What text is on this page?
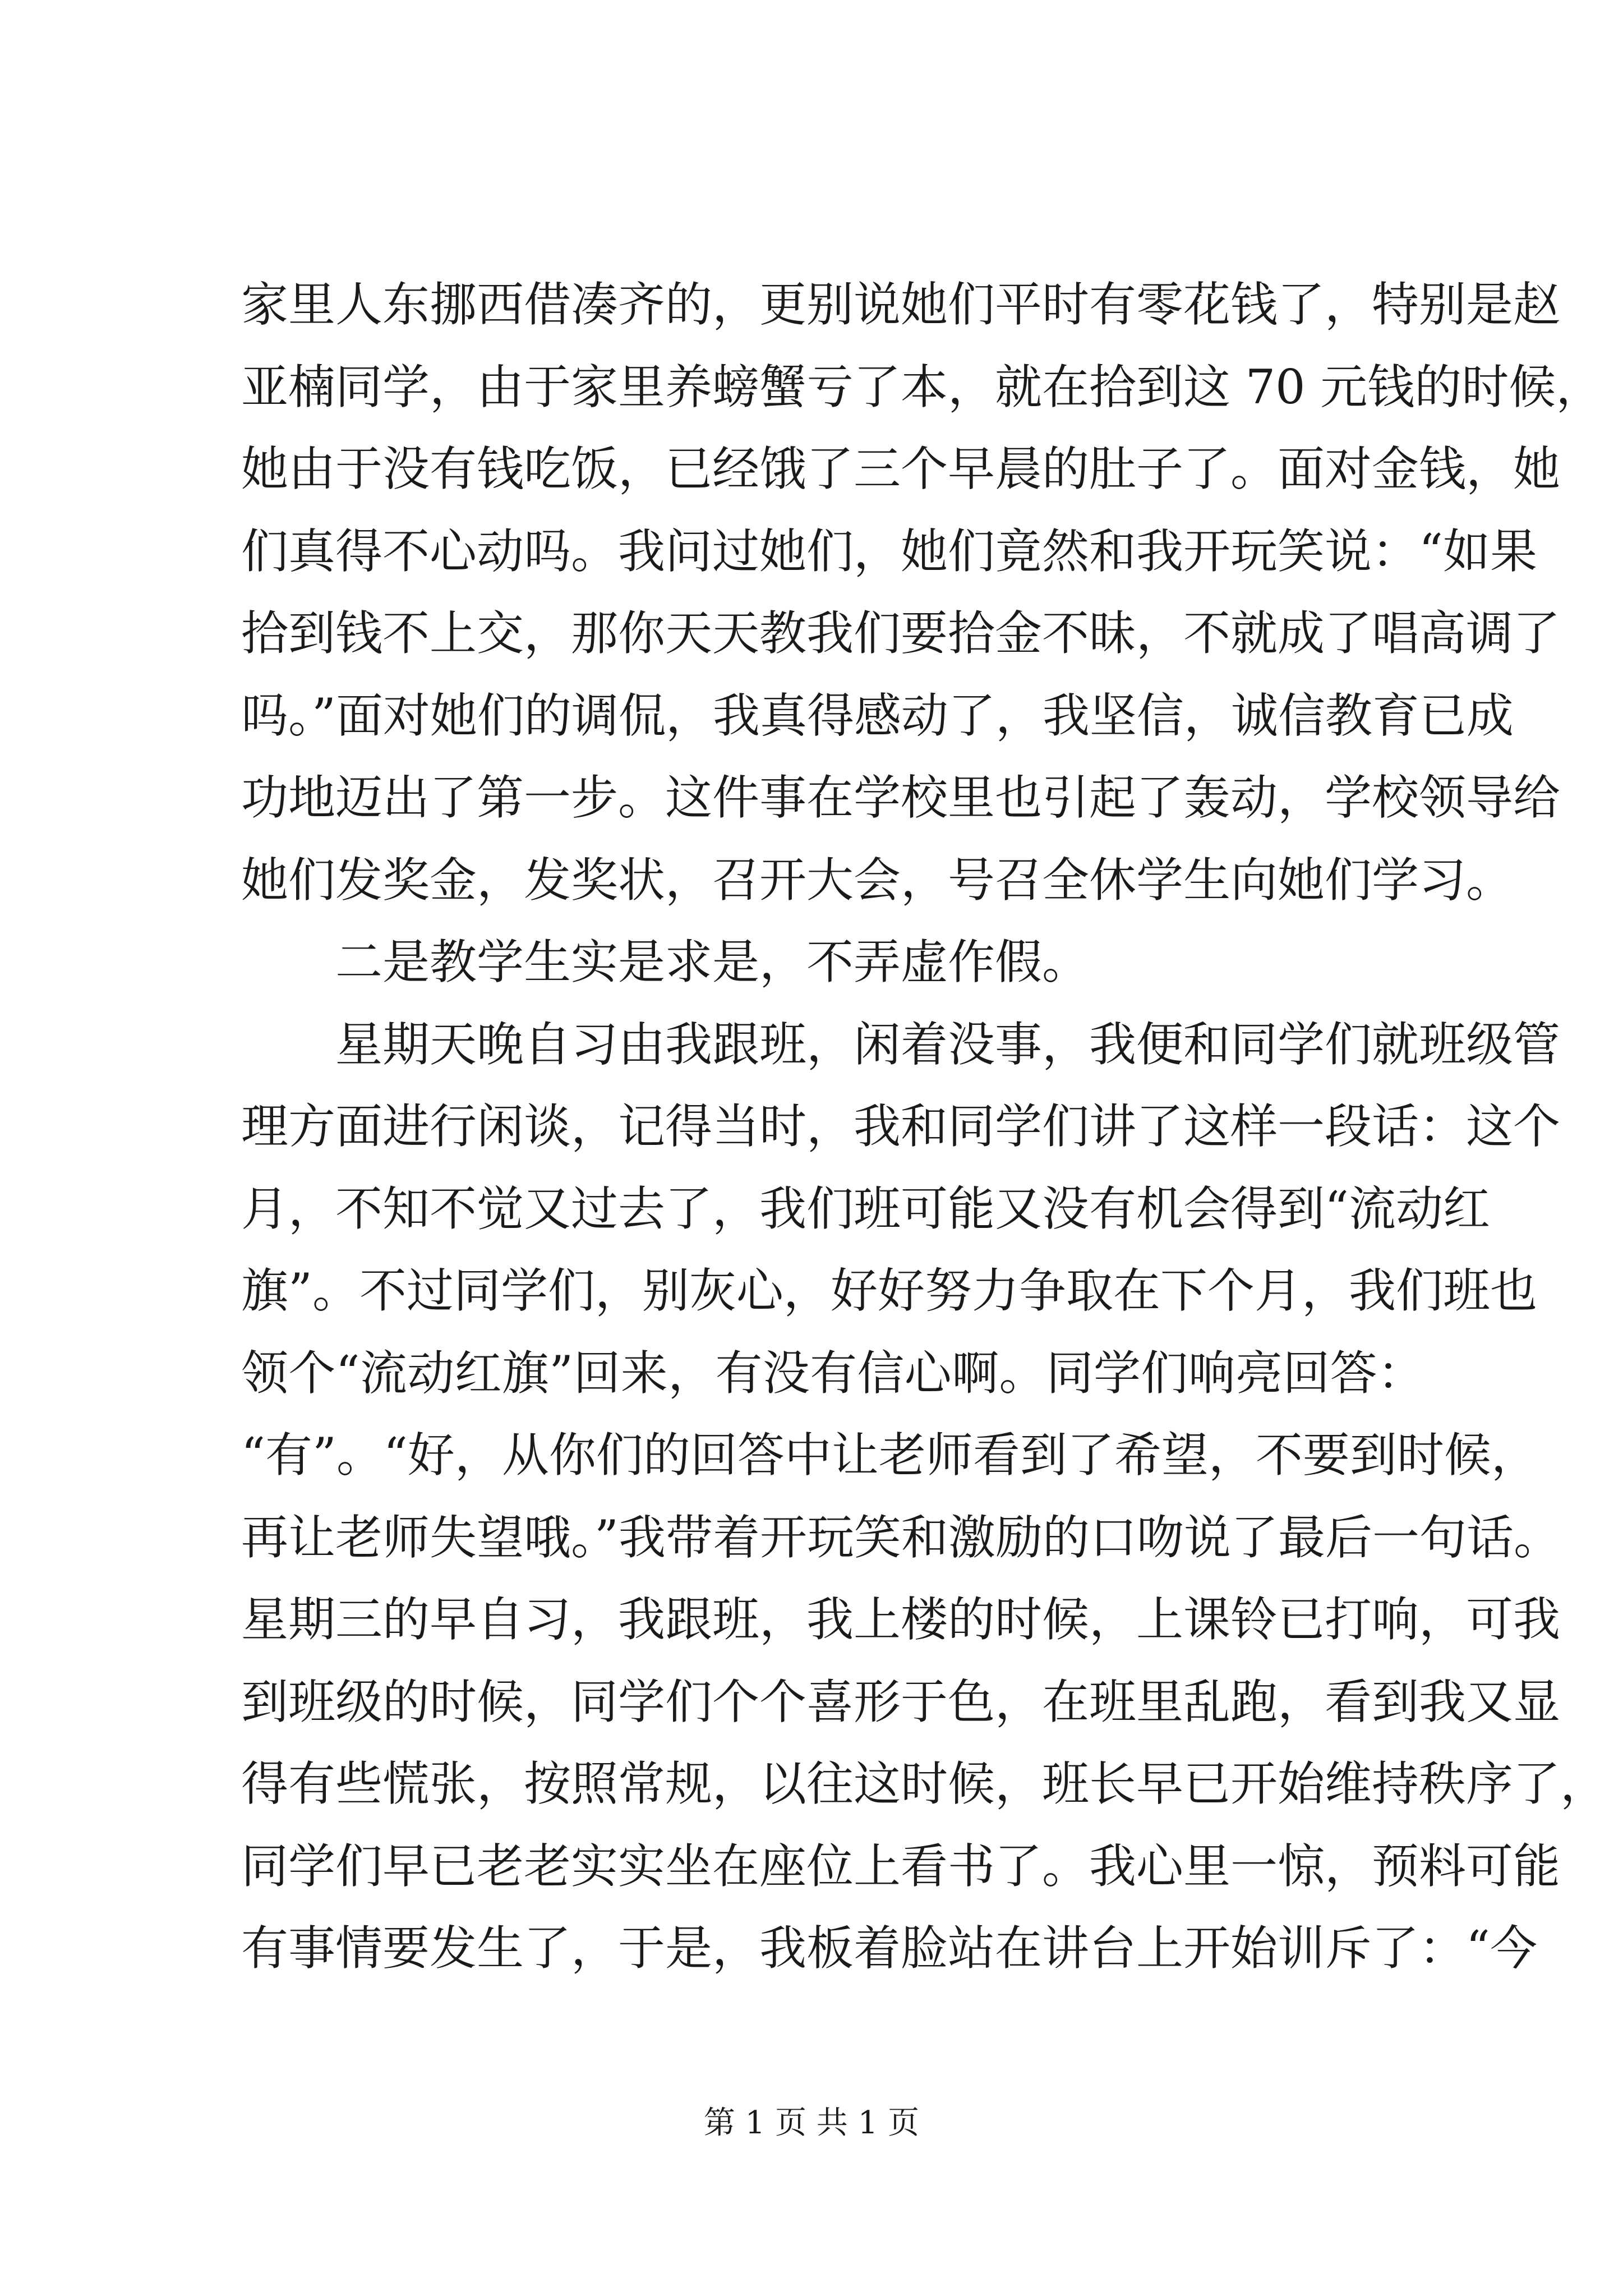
家里人东挪西借凑齐的，更别说她们平时有零花钱了，特别是赵
亚楠同学，由于家里养螃蟹亏了本，就在拾到这 70 元钱的时候，
她由于没有钱吃饭，已经饿了三个早晨的肚子了。面对金钱，她
们真得不心动吗。我问过她们，她们竟然和我开玩笑说：“如果
拾到钱不上交，那你天天教我们要拾金不昧，不就成了唱高调了
吗。”面对她们的调侃，我真得感动了，我坚信，诚信教育已成
功地迈出了第一步。这件事在学校里也引起了轰动，学校领导给
她们发奖金，发奖状，召开大会，号召全休学生向她们学习。
　　二是教学生实是求是，不弄虚作假。
　　星期天晚自习由我跟班，闲着没事，我便和同学们就班级管
理方面进行闲谈，记得当时，我和同学们讲了这样一段话：这个
月，不知不觉又过去了，我们班可能又没有机会得到“流动红
旗”。不过同学们，别灰心，好好努力争取在下个月，我们班也
领个“流动红旗”回来，有没有信心啊。同学们响亮回答：
“有”。“好，从你们的回答中让老师看到了希望，不要到时候，
再让老师失望哦。”我带着开玩笑和激励的口吻说了最后一句话。
星期三的早自习，我跟班，我上楼的时候，上课铃已打响，可我
到班级的时候，同学们个个喜形于色，在班里乱跑，看到我又显
得有些慌张，按照常规，以往这时候，班长早已开始维持秩序了，
同学们早已老老实实坐在座位上看书了。我心里一惊，预料可能
有事情要发生了，于是，我板着脸站在讲台上开始训斥了：“今
第 1 页 共 1 页
